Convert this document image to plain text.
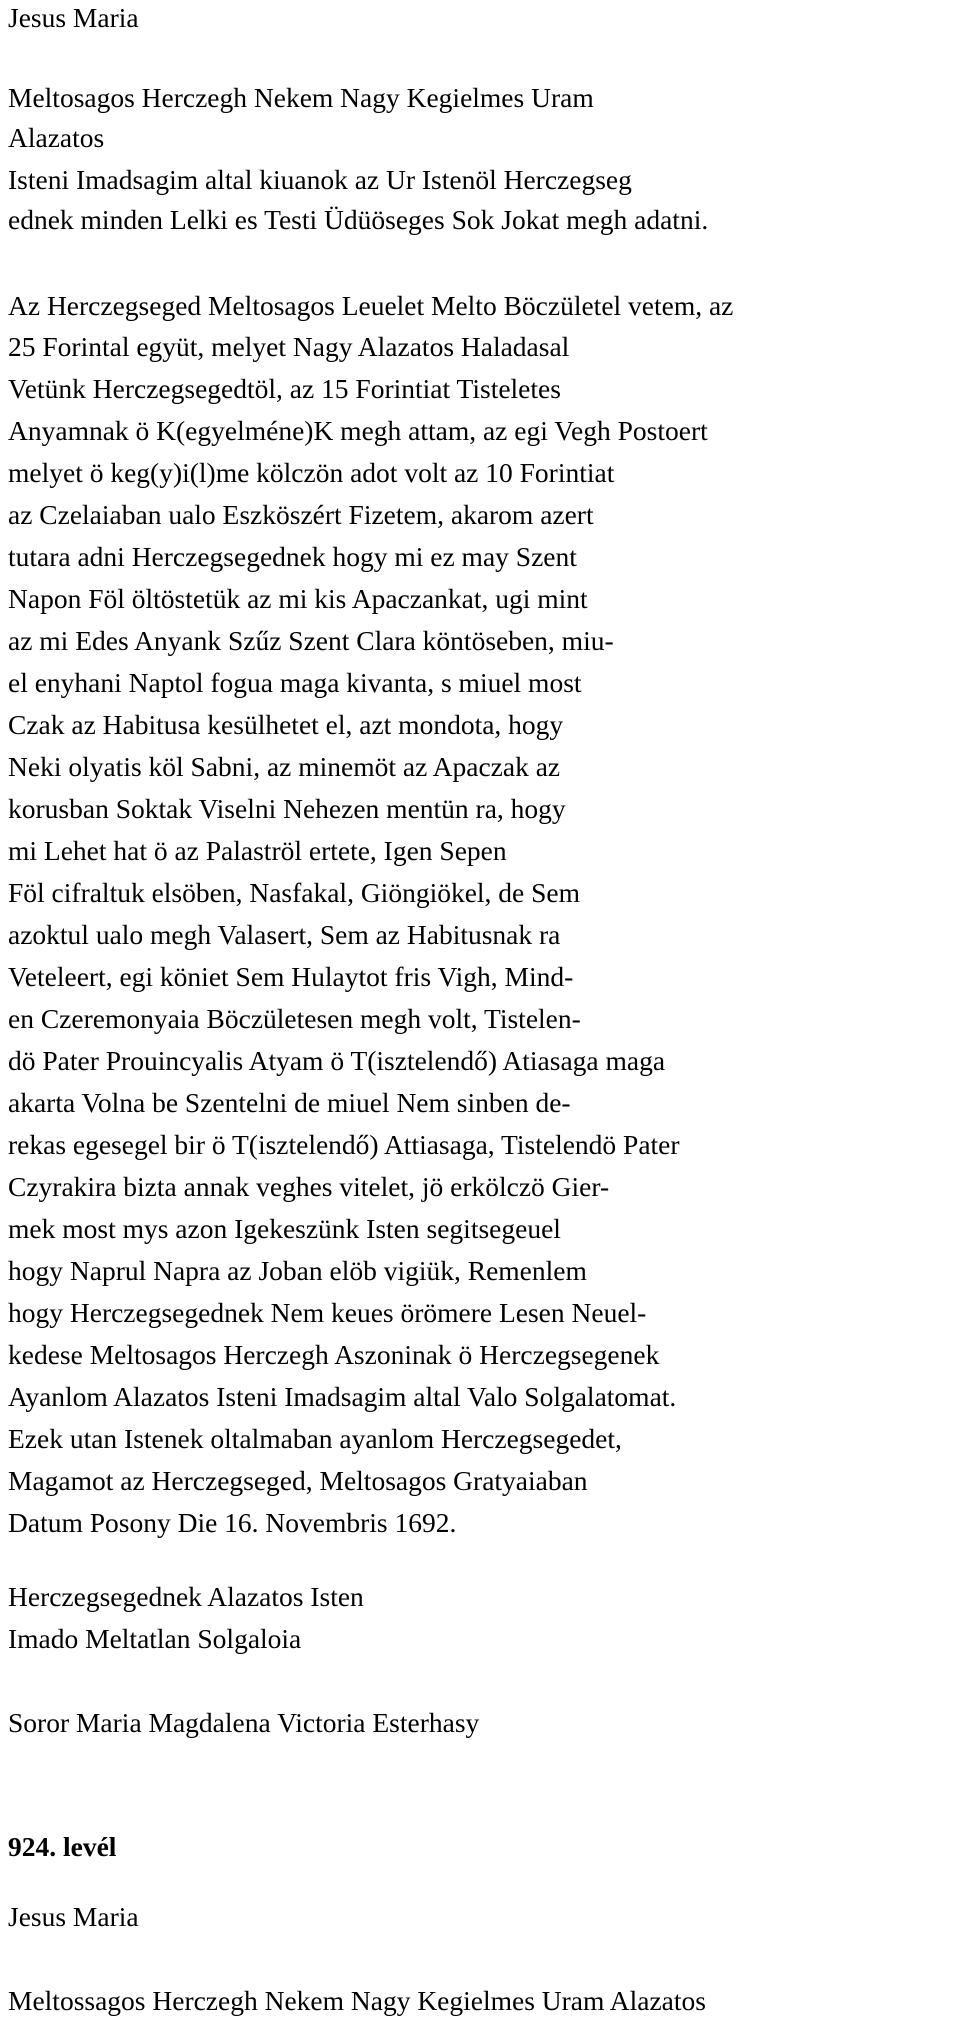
Jesus Maria
Meltosagos Herczegh Nekem Nagy Kegielmes Uram
Alazatos
Isteni Imadsagim altal kiuanok az Ur Istenöl Herczegseg
ednek minden Lelki es Testi Üdüöseges Sok Jokat megh adatni.
Az Herczegseged Meltosagos Leuelet Melto Böczületel vetem, az
25 Forintal együt, melyet Nagy Alazatos Haladasal
Vetünk Herczegsegedtöl, az 15 Forintiat Tisteletes
Anyamnak ö K(egyelméne)K megh attam, az egi Vegh Postoert
melyet ö keg(y)i(l)me kölczön adot volt az 10 Forintiat
az Czelaiaban ualo Eszköszért Fizetem, akarom azert
tutara adni Herczegsegednek hogy mi ez may Szent
Napon Föl öltöstetük az mi kis Apaczankat, ugi mint
az mi Edes Anyank Szűz Szent Clara köntöseben, miu-
el enyhani Naptol fogua maga kivanta, s miuel most
Czak az Habitusa kesülhetet el, azt mondota, hogy
Neki olyatis köl Sabni, az minemöt az Apaczak az
korusban Soktak Viselni Nehezen mentün ra, hogy
mi Lehet hat ö az Palaströl ertete, Igen Sepen
Föl cifraltuk elsöben, Nasfakal, Giöngiökel, de Sem
azoktul ualo megh Valasert, Sem az Habitusnak ra
Veteleert, egi köniet Sem Hulaytot fris Vigh, Mind-
en Czeremonyaia Böczületesen megh volt, Tistelen-
dö Pater Prouincyalis Atyam ö T(isztelendő) Atiasaga maga
akarta Volna be Szentelni de miuel Nem sinben de-
rekas egesegel bir ö T(isztelendő) Attiasaga, Tistelendö Pater
Czyrakira bizta annak veghes vitelet, jö erkölczö Gier-
mek most mys azon Igekeszünk Isten segitsegeuel
hogy Naprul Napra az Joban elöb vigiük, Remenlem
hogy Herczegsegednek Nem keues örömere Lesen Neuel-
kedese Meltosagos Herczegh Aszoninak ö Herczegsegenek
Ayanlom Alazatos Isteni Imadsagim altal Valo Solgalatomat.
Ezek utan Istenek oltalmaban ayanlom Herczegsegedet,
Magamot az Herczegseged, Meltosagos Gratyaiaban
Datum Posony Die 16. Novembris 1692.
Herczegsegednek Alazatos Isten
Imado Meltatlan Solgaloia
Soror Maria Magdalena Victoria Esterhasy
924. levél
Jesus Maria
Meltossagos Herczegh Nekem Nagy Kegielmes Uram Alazatos
